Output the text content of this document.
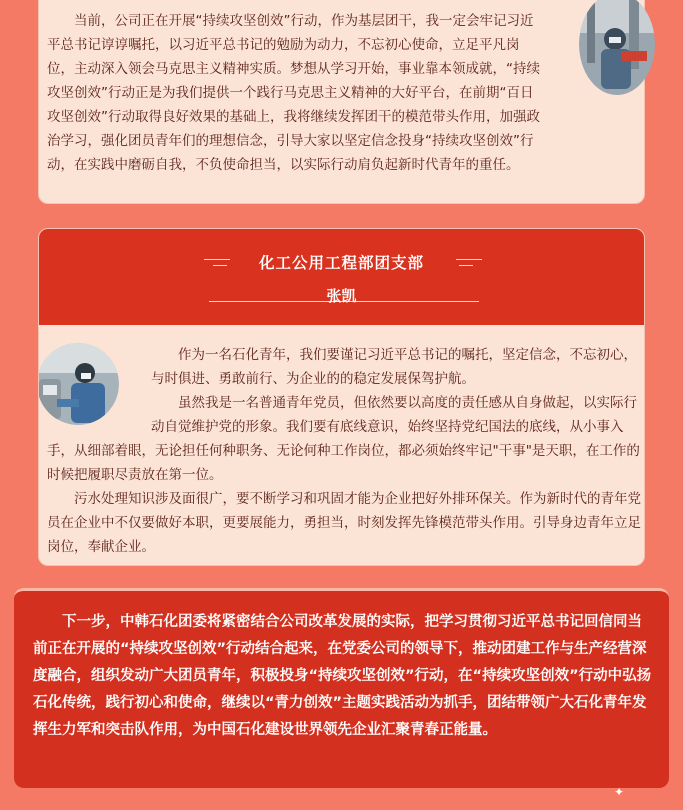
当前，公司正在开展“持续攻坚创效”行动，作为基层团干，我一定会牢记习近平总书记谆谆嘱托，以习近平总书记的勉励为动力，不忘初心使命，立足平凡岗位，主动深入领会马克思主义精神实质。梦想从学习开始，事业靠本领成就，“持续攻坚创效”行动正是为我们提供一个践行马克思主义精神的大好平台，在前期“百日攻坚创效”行动取得良好效果的基础上，我将继续发挥团干的模范带头作用，加强政治学习，强化团员青年们的理想信念，引导大家以坚定信念投身“持续攻坚创效”行动，在实践中磨砺自我，不负使命担当，以实际行动肩负起新时代青年的重任。

化工公用工程部团支部
张凯

作为一名石化青年，我们要谨记习近平总书记的嘱托，坚定信念，不忘初心，与时俱进、勇敢前行、为企业的的稳定发展保驾护航。

虽然我是一名普通青年党员，但依然要以高度的责任感从自身做起，以实际行动自觉维护党的形象。我们要有底线意识，始终坚持党纪国法的底线，从小事入手，从细部着眼，无论担任何种职务、无论何种工作岗位，都必须始终牢记"干事"是天职，在工作的时候把履职尽责放在第一位。

污水处理知识涉及面很广，要不断学习和巩固才能为企业把好外排环保关。作为新时代的青年党员在企业中不仅要做好本职，更要展能力，勇担当，时刻发挥先锋模范带头作用。引导身边青年立足岗位，奉献企业。

下一步，中韩石化团委将紧密结合公司改革发展的实际，把学习贯彻习近平总书记回信同当前正在开展的“持续攻坚创效”行动结合起来，在党委公司的领导下，推动团建工作与生产经营深度融合，组织发动广大团员青年，积极投身“持续攻坚创效”行动，在“持续攻坚创效”行动中弘扬石化传统，践行初心和使命，继续以“青力创效”主题实践活动为抓手，团结带领广大石化青年发挥生力军和突击队作用，为中国石化建设世界领先企业汇聚青春正能量。

✦
